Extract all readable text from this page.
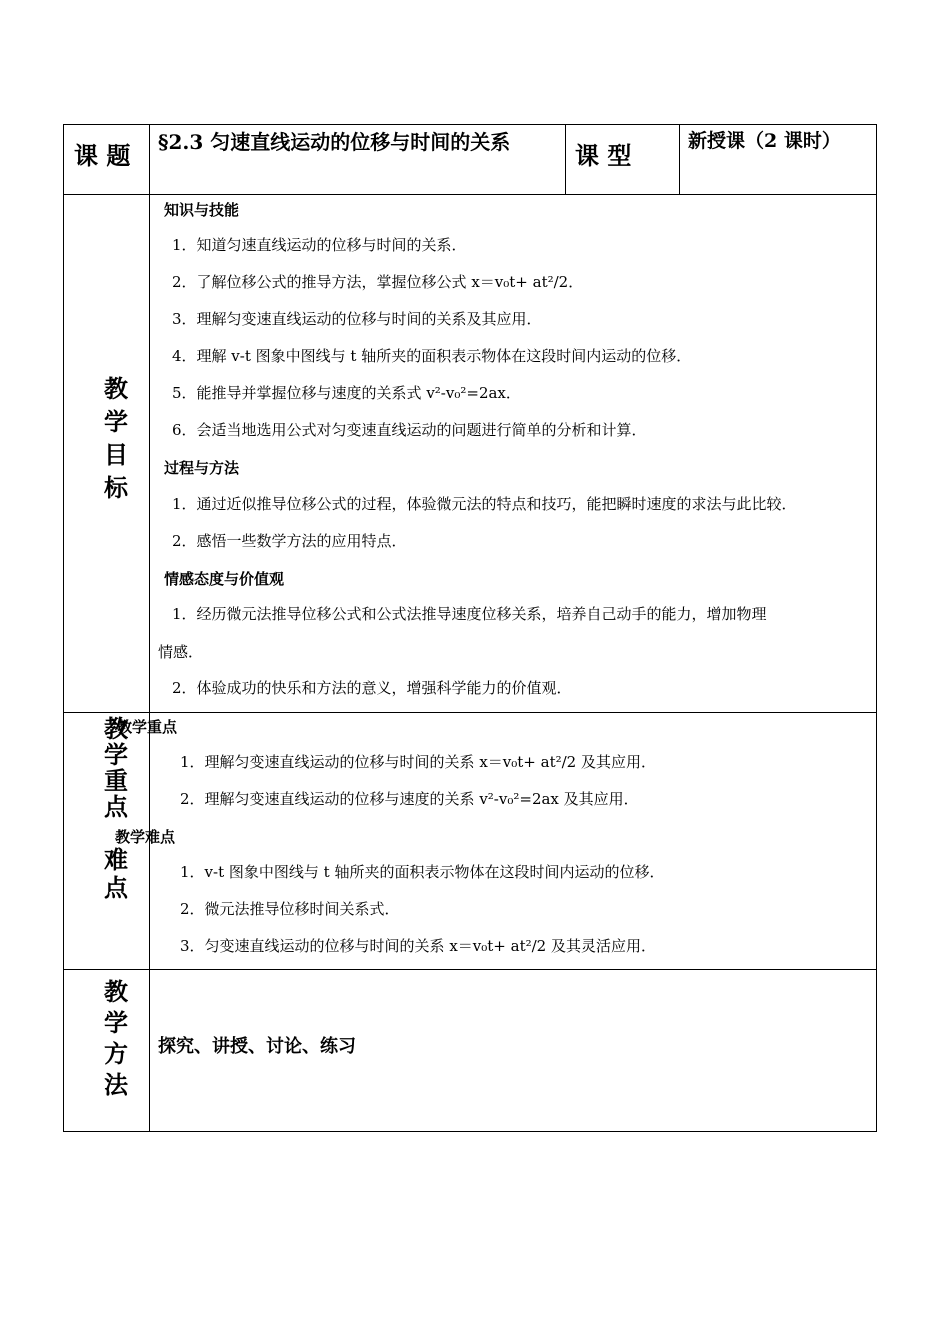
课 题 §2.3 匀速直线运动的位移与时间的关系	课 型	新授课（2 课时）
教
学
目
标
知识与技能
1．知道匀速直线运动的位移与时间的关系．
2．了解位移公式的推导方法，掌握位移公式 x＝v₀t+ at²/2．
3．理解匀变速直线运动的位移与时间的关系及其应用．
4．理解 v-t 图象中图线与 t 轴所夹的面积表示物体在这段时间内运动的位移．
5．能推导并掌握位移与速度的关系式 v²-v₀²=2ax．
6．会适当地选用公式对匀变速直线运动的问题进行简单的分析和计算．
过程与方法
1．通过近似推导位移公式的过程，体验微元法的特点和技巧，能把瞬时速度的求法与此比较．
2．感悟一些数学方法的应用特点．
情感态度与价值观
1．经历微元法推导位移公式和公式法推导速度位移关系，培养自己动手的能力，增加物理
情感．
2．体验成功的快乐和方法的意义，增强科学能力的价值观．
教
学
重
点
难
点
教学重点
1．理解匀变速直线运动的位移与时间的关系 x＝v₀t+ at²/2 及其应用．
2．理解匀变速直线运动的位移与速度的关系 v²-v₀²=2ax 及其应用．
教学难点
1．v-t 图象中图线与 t 轴所夹的面积表示物体在这段时间内运动的位移．
2．微元法推导位移时间关系式．
3．匀变速直线运动的位移与时间的关系 x＝v₀t+ at²/2 及其灵活应用．
教
学
方
法
探究、讲授、讨论、练习
